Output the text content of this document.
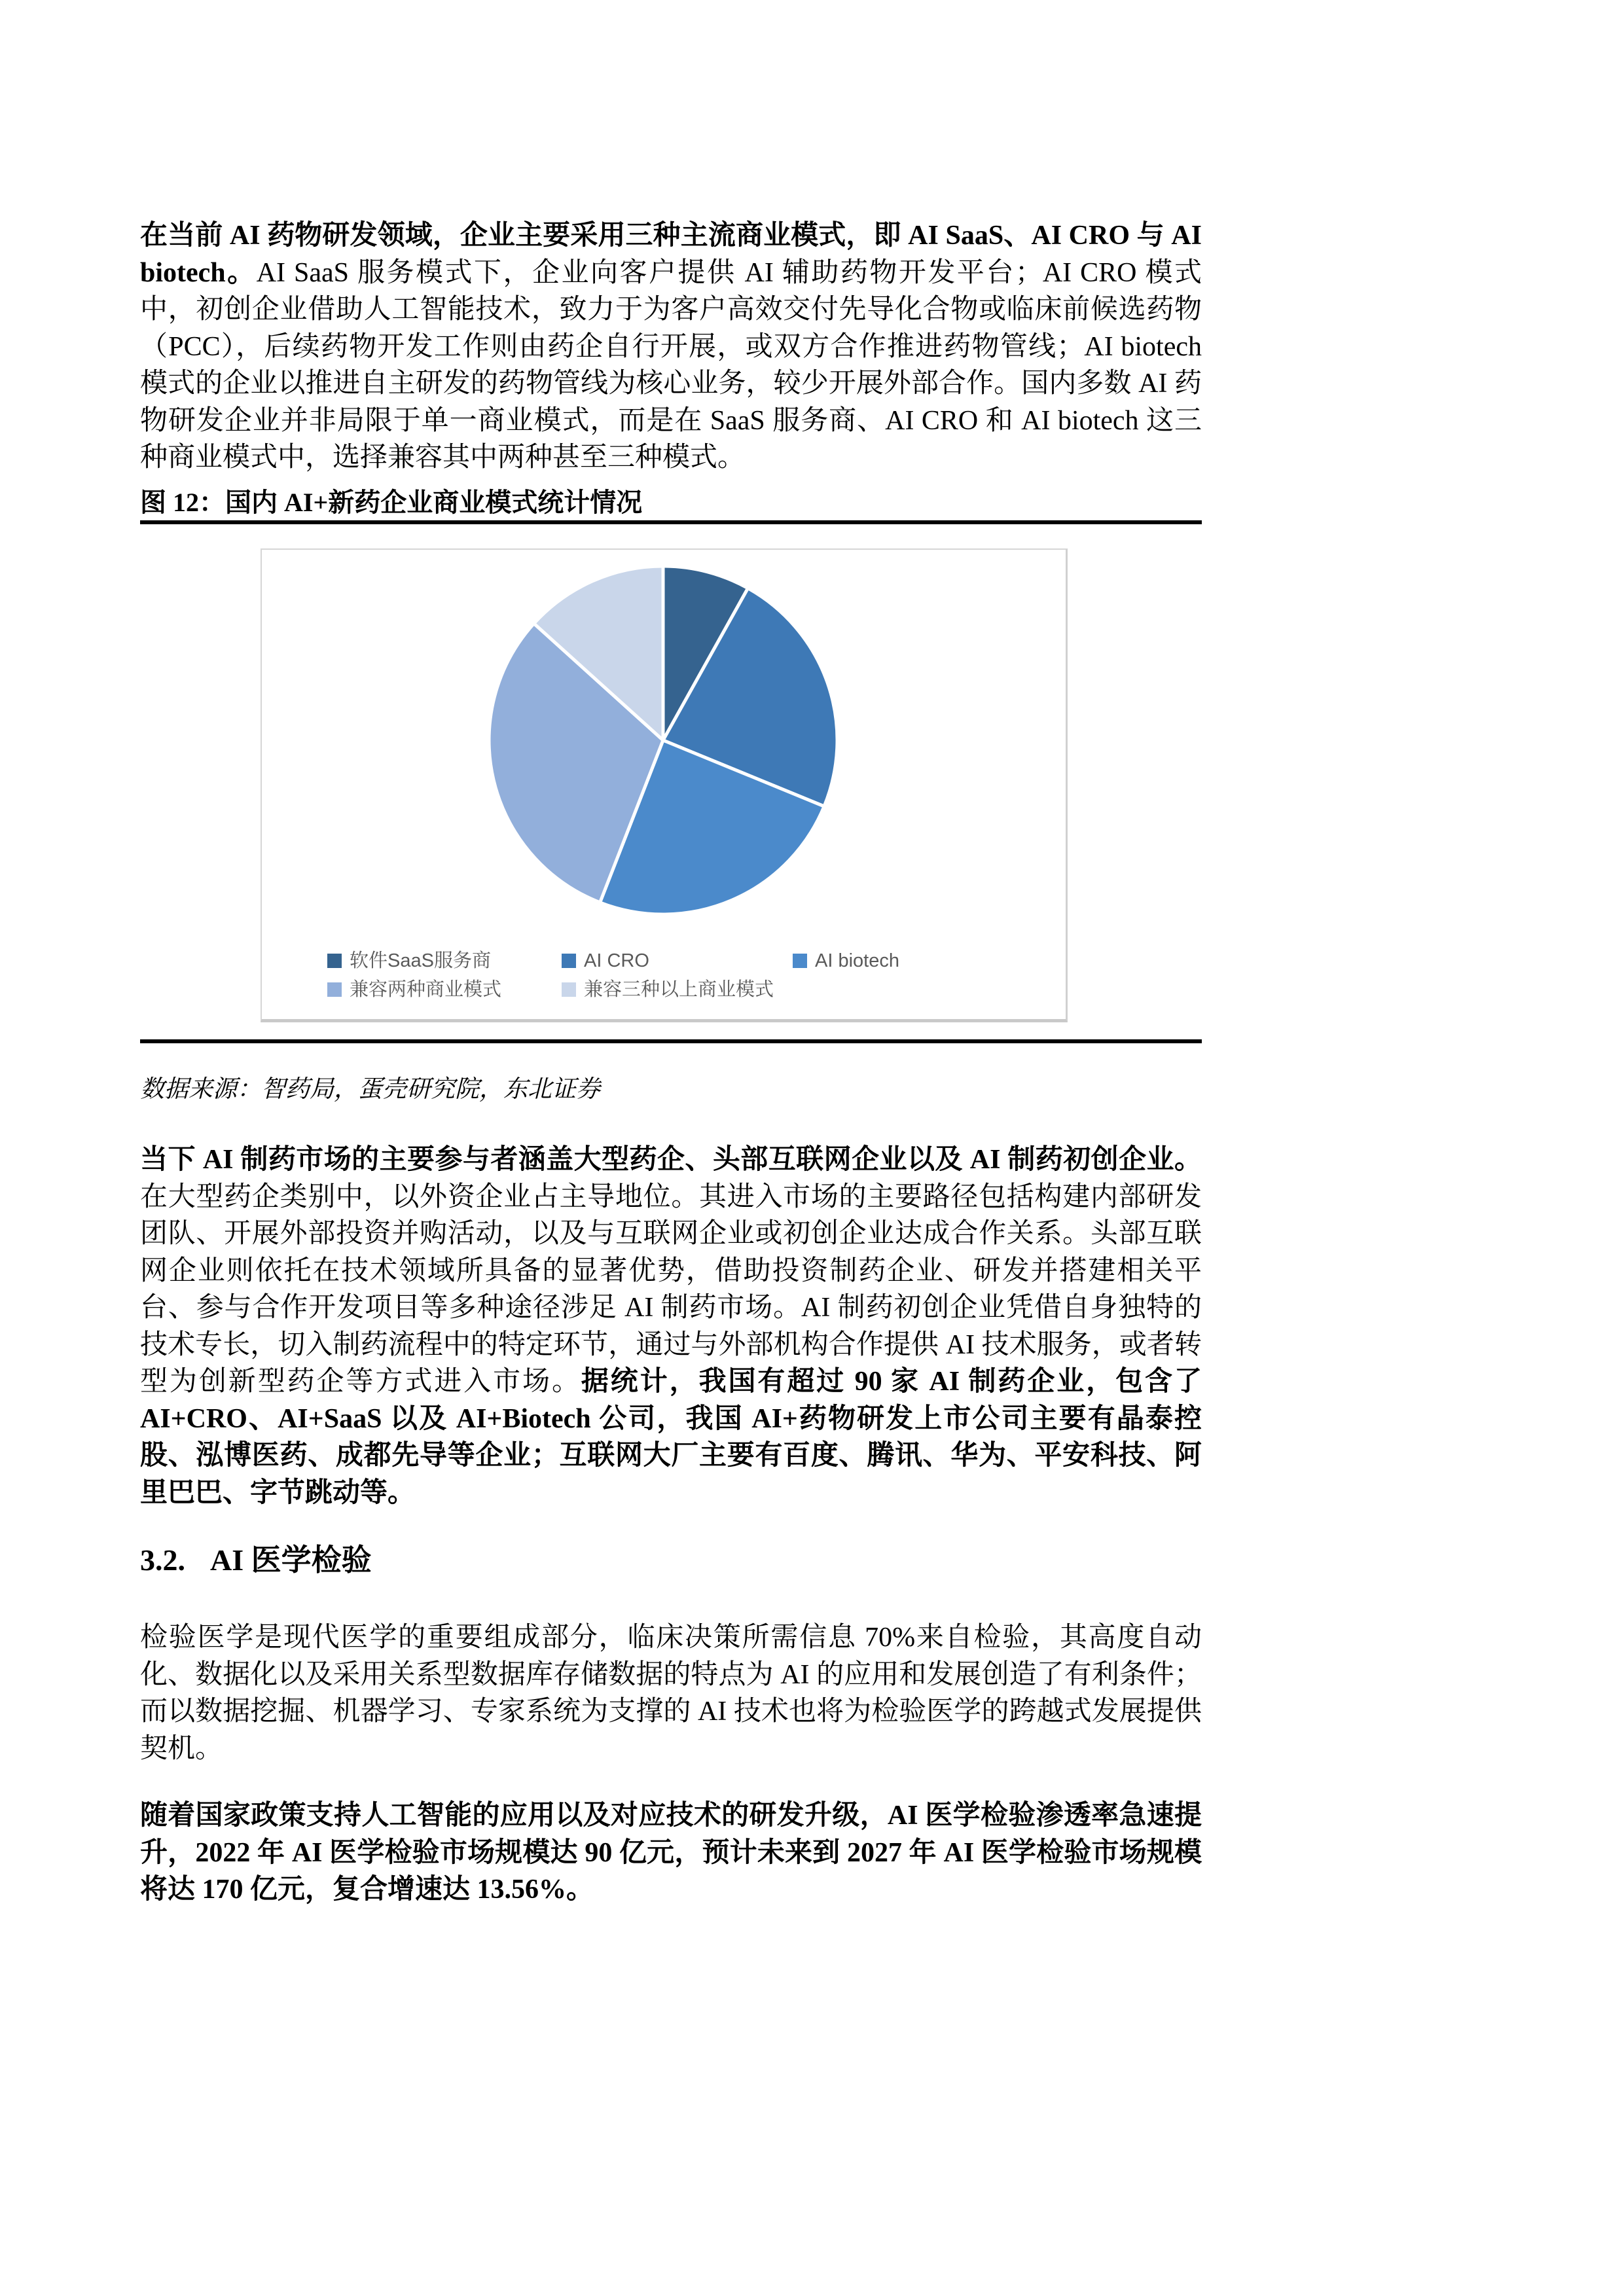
在当前 AI 药物研发领域，企业主要采用三种主流商业模式，即 AI SaaS、AI CRO 与 AI biotech。AI SaaS 服务模式下，企业向客户提供 AI 辅助药物开发平台；AI CRO 模式中，初创企业借助人工智能技术，致力于为客户高效交付先导化合物或临床前候选药物（PCC），后续药物开发工作则由药企自行开展，或双方合作推进药物管线；AI biotech 模式的企业以推进自主研发的药物管线为核心业务，较少开展外部合作。国内多数 AI 药物研发企业并非局限于单一商业模式，而是在 SaaS 服务商、AI CRO 和 AI biotech 这三种商业模式中，选择兼容其中两种甚至三种模式。

图 12：国内 AI+新药企业商业模式统计情况
软件SaaS服务商	AI CRO	AI biotech
兼容两种商业模式	兼容三种以上商业模式

数据来源：智药局，蛋壳研究院，东北证券

当下 AI 制药市场的主要参与者涵盖大型药企、头部互联网企业以及 AI 制药初创企业。在大型药企类别中，以外资企业占主导地位。其进入市场的主要路径包括构建内部研发团队、开展外部投资并购活动，以及与互联网企业或初创企业达成合作关系。头部互联网企业则依托在技术领域所具备的显著优势，借助投资制药企业、研发并搭建相关平台、参与合作开发项目等多种途径涉足 AI 制药市场。AI 制药初创企业凭借自身独特的技术专长，切入制药流程中的特定环节，通过与外部机构合作提供 AI 技术服务，或者转型为创新型药企等方式进入市场。据统计，我国有超过 90 家 AI 制药企业，包含了 AI+CRO、AI+SaaS 以及 AI+Biotech 公司，我国 AI+药物研发上市公司主要有晶泰控股、泓博医药、成都先导等企业；互联网大厂主要有百度、腾讯、华为、平安科技、阿里巴巴、字节跳动等。

3.2. AI 医学检验

检验医学是现代医学的重要组成部分，临床决策所需信息 70%来自检验，其高度自动化、数据化以及采用关系型数据库存储数据的特点为 AI 的应用和发展创造了有利条件；而以数据挖掘、机器学习、专家系统为支撑的 AI 技术也将为检验医学的跨越式发展提供契机。

随着国家政策支持人工智能的应用以及对应技术的研发升级，AI 医学检验渗透率急速提升，2022 年 AI 医学检验市场规模达 90 亿元，预计未来到 2027 年 AI 医学检验市场规模将达 170 亿元，复合增速达 13.56%。
